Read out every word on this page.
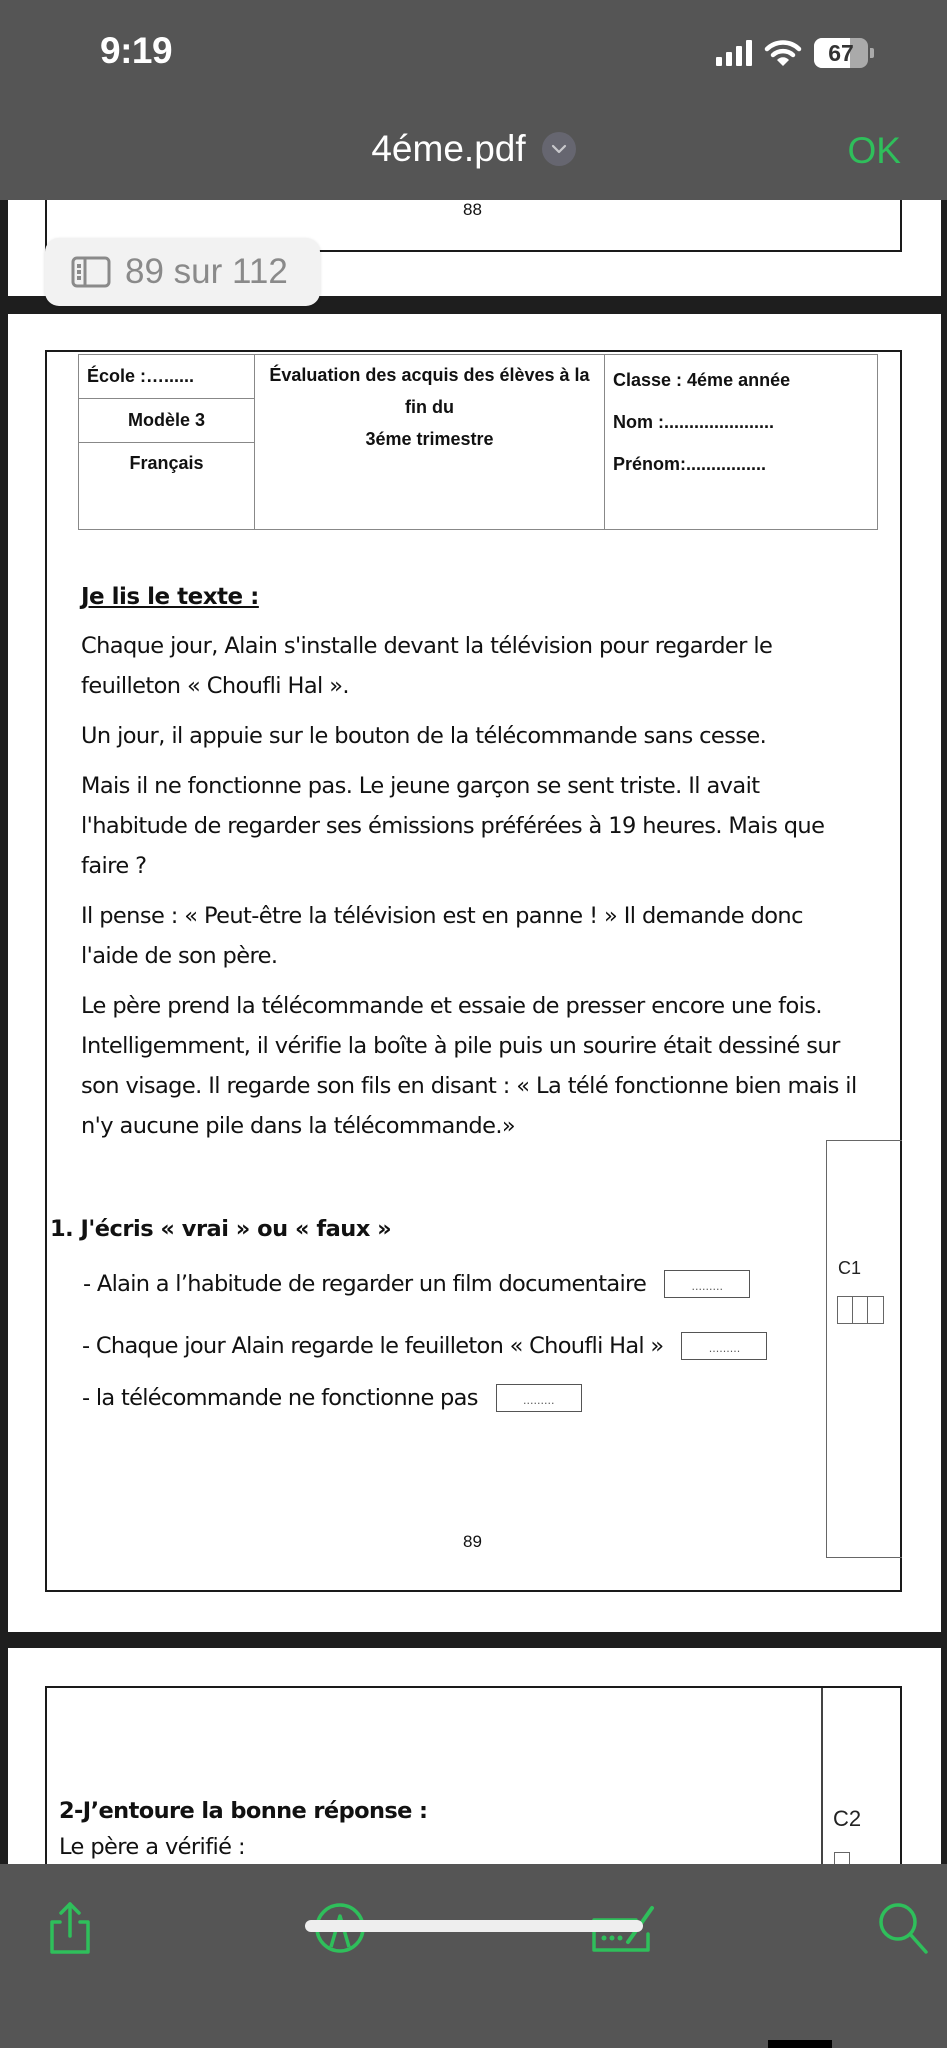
9:19	67
4éme.pdf	OK
88
89 sur 112
École :…......
Modèle 3
Français
Évaluation des acquis des élèves à la
fin du
3éme trimestre
Classe : 4éme année
Nom :......................
Prénom:................
Je lis le texte :

Chaque jour, Alain s'installe devant la télévision pour regarder le feuilleton « Choufli Hal ».

Un jour, il appuie sur le bouton de la télécommande sans cesse.

Mais il ne fonctionne pas. Le jeune garçon se sent triste. Il avait l'habitude de regarder ses émissions préférées à 19 heures. Mais que faire ?

Il pense : « Peut-être la télévision est en panne ! » Il demande donc l'aide de son père.

Le père prend la télécommande et essaie de presser encore une fois. Intelligemment, il vérifie la boîte à pile puis un sourire était dessiné sur son visage. Il regarde son fils en disant : « La télé fonctionne bien mais il n'y aucune pile dans la télécommande.»

C1
1. J'écris « vrai » ou « faux »
- Alain a l’habitude de regarder un film documentaire	.........
- Chaque jour Alain regarde le feuilleton « Choufli Hal »	.........
- la télécommande ne fonctionne pas	.........
89
2-J’entoure la bonne réponse :
Le père a vérifié :
C2
